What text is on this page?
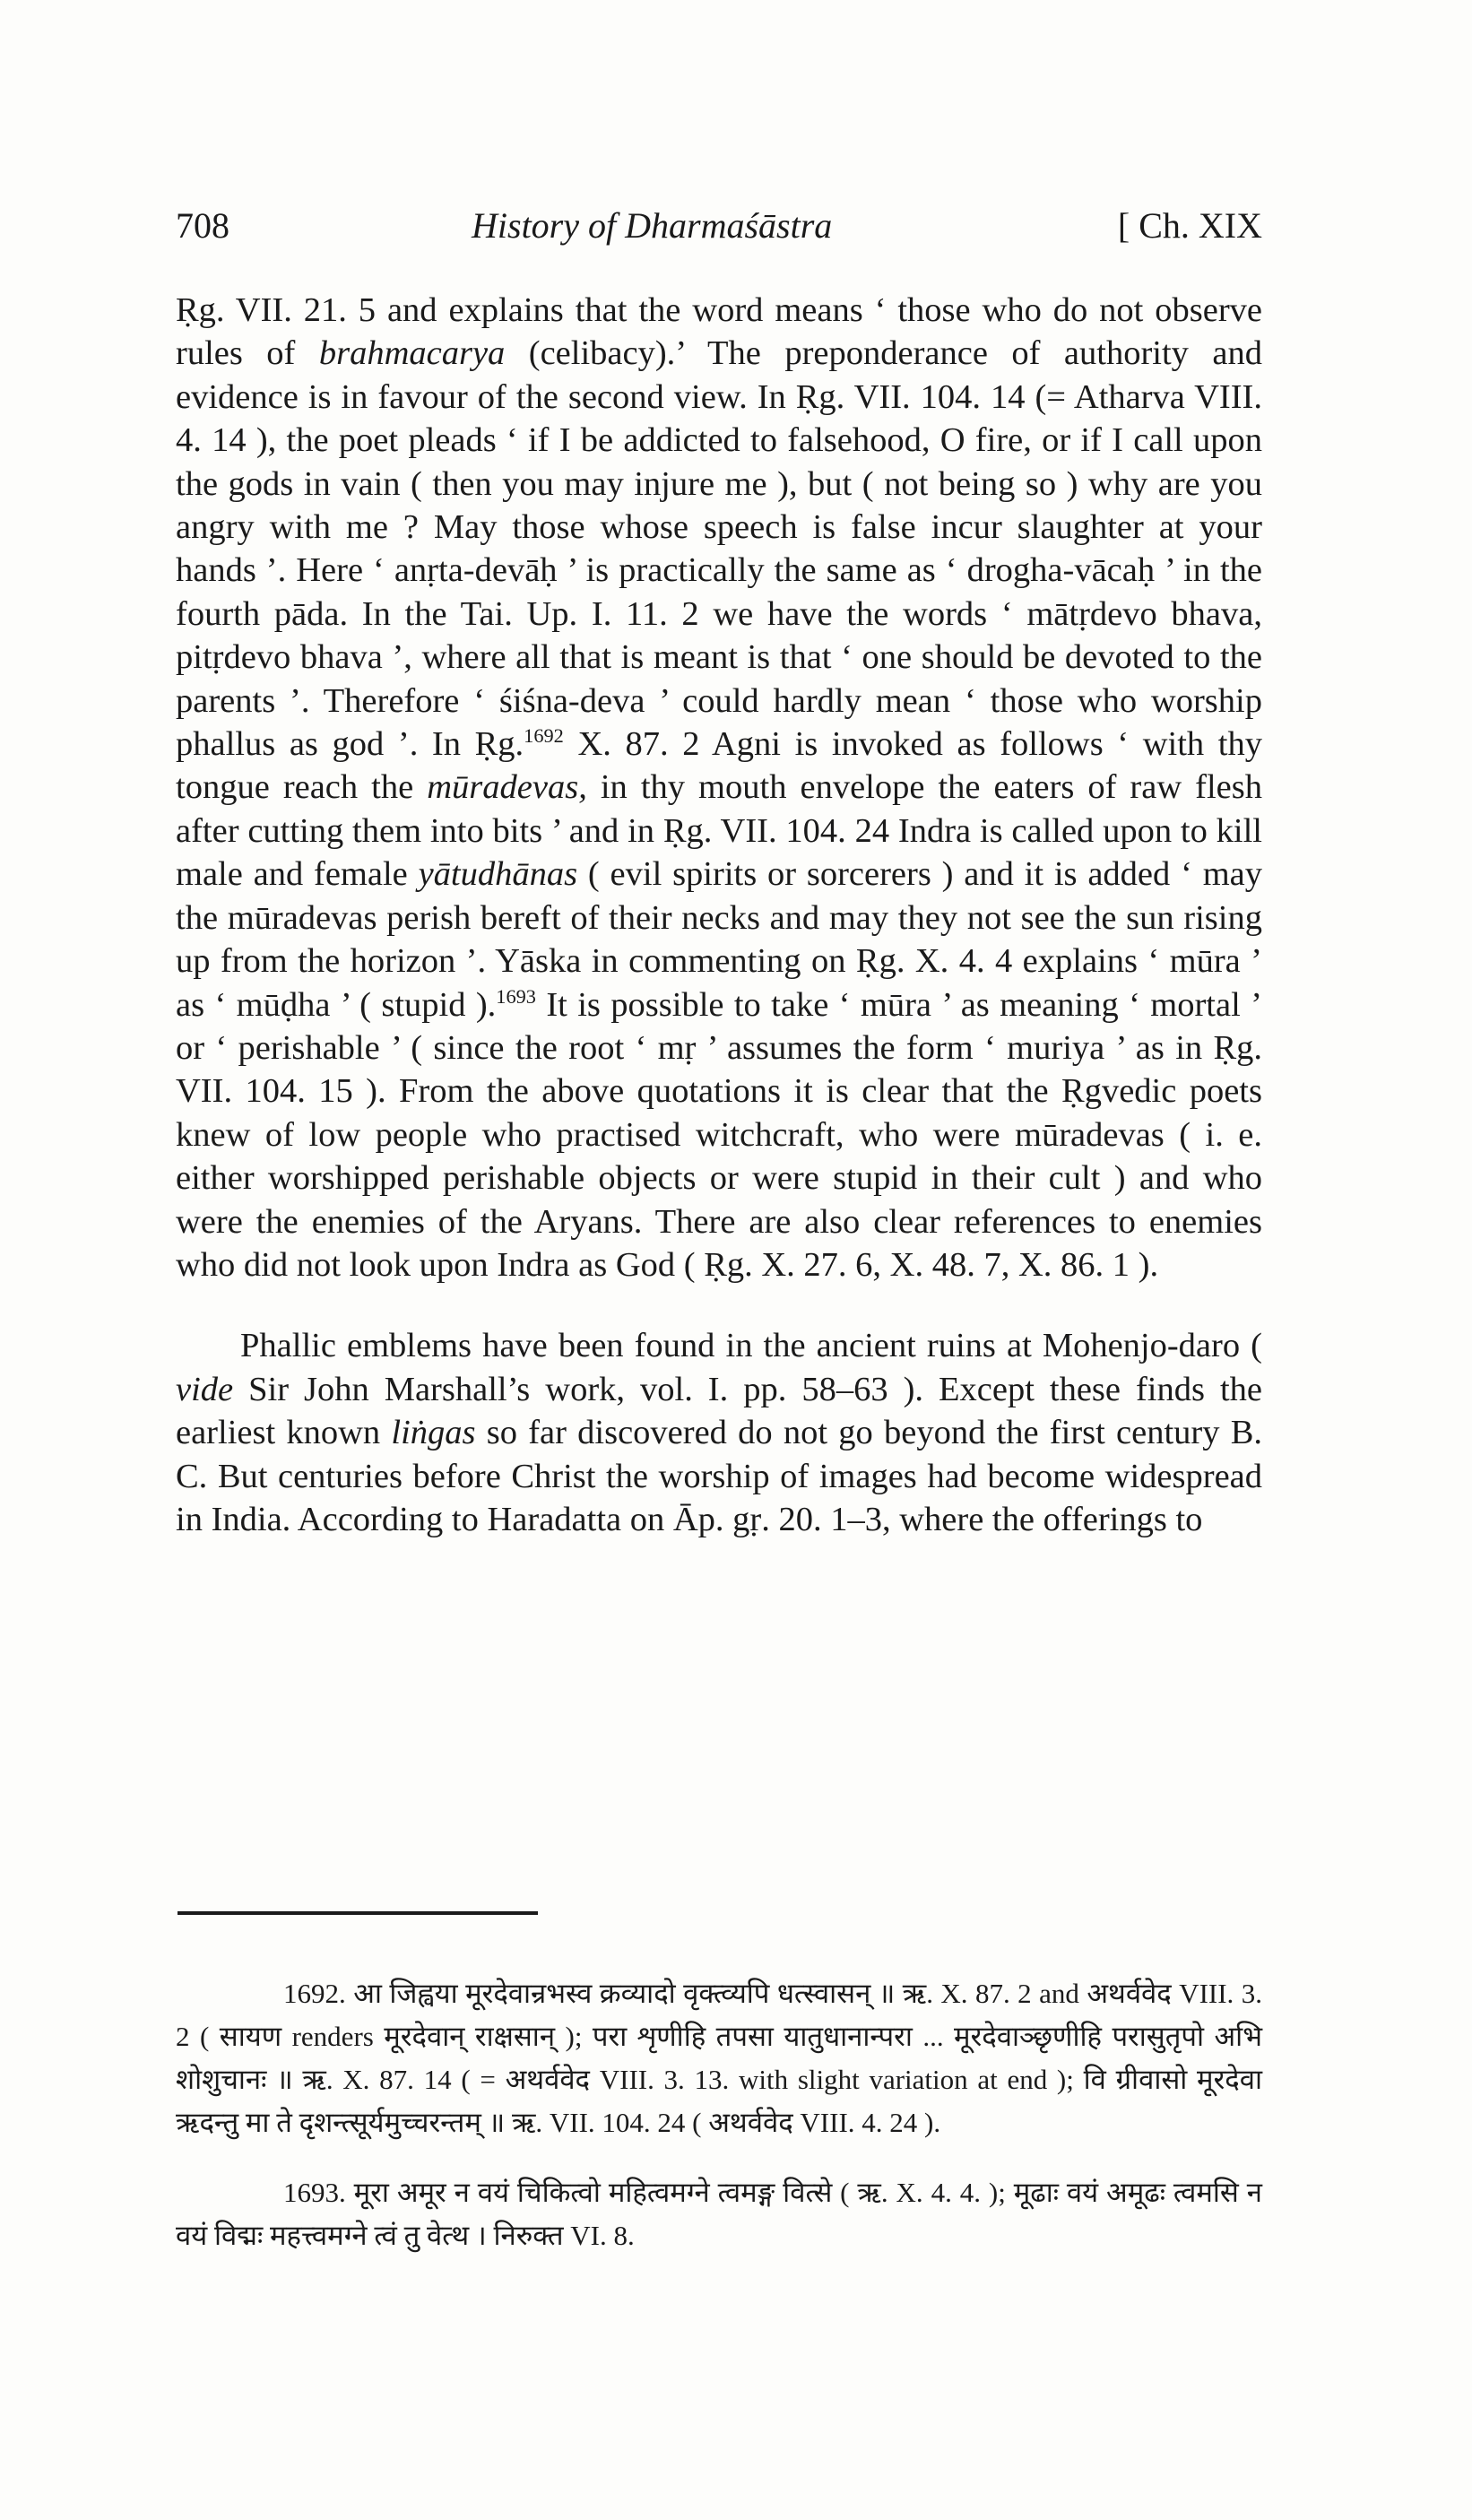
708	History of Dharmaśāstra	[ Ch. XIX

Ṛg. VII. 21. 5 and explains that the word means ‘ those who do not observe rules of brahmacarya (celibacy).’ The preponderance of authority and evidence is in favour of the second view. In Ṛg. VII. 104. 14 (= Atharva VIII. 4. 14 ), the poet pleads ‘ if I be addicted to falsehood, O fire, or if I call upon the gods in vain ( then you may injure me ), but ( not being so ) why are you angry with me ? May those whose speech is false incur slaughter at your hands ’. Here ‘ anṛta-devāḥ ’ is practically the same as ‘ drogha-vācaḥ ’ in the fourth pāda. In the Tai. Up. I. 11. 2 we have the words ‘ mātṛdevo bhava, pitṛdevo bhava ’, where all that is meant is that ‘ one should be devoted to the parents ’. Therefore ‘ śiśna-deva ’ could hardly mean ‘ those who worship phallus as god ’. In Ṛg.$^{1692}$ X. 87. 2 Agni is invoked as follows ‘ with thy tongue reach the mūradevas, in thy mouth envelope the eaters of raw flesh after cutting them into bits ’ and in Ṛg. VII. 104. 24 Indra is called upon to kill male and female yātudhānas ( evil spirits or sorcerers ) and it is added ‘ may the mūradevas perish bereft of their necks and may they not see the sun rising up from the horizon ’. Yāska in commenting on Ṛg. X. 4. 4 explains ‘ mūra ’ as ‘ mūḍha ’ ( stupid ).$^{1693}$ It is possible to take ‘ mūra ’ as meaning ‘ mortal ’ or ‘ perishable ’ ( since the root ‘ mṛ ’ assumes the form ‘ muriya ’ as in Ṛg. VII. 104. 15 ). From the above quotations it is clear that the Ṛgvedic poets knew of low people who practised witchcraft, who were mūradevas ( i. e. either worshipped perishable objects or were stupid in their cult ) and who were the enemies of the Aryans. There are also clear references to enemies who did not look upon Indra as God ( Ṛg. X. 27. 6, X. 48. 7, X. 86. 1 ).

Phallic emblems have been found in the ancient ruins at Mohenjo-daro ( vide Sir John Marshall’s work, vol. I. pp. 58–63 ). Except these finds the earliest known liṅgas so far discovered do not go beyond the first century B. C. But centuries before Christ the worship of images had become widespread in India. According to Haradatta on Āp. gṛ. 20. 1–3, where the offerings to

1692. आ जिह्वया मूरदेवान्रभस्व क्रव्यादो वृक्त्व्यपि धत्स्वासन् ॥ ऋ. X. 87. 2 and अथर्ववेद VIII. 3. 2 ( सायण renders मूरदेवान् राक्षसान् ); परा शृणीहि तपसा यातुधानान्परा ... मूरदेवाञ्छृणीहि परासुतृपो अभि शोशुचानः ॥ ऋ. X. 87. 14 ( = अथर्ववेद VIII. 3. 13. with slight variation at end ); वि ग्रीवासो मूरदेवा ऋदन्तु मा ते दृशन्त्सूर्यमुच्चरन्तम् ॥ ऋ. VII. 104. 24 ( अथर्ववेद VIII. 4. 24 ).

1693. मूरा अमूर न वयं चिकित्वो महित्वमग्ने त्वमङ्ग वित्से ( ऋ. X. 4. 4. ); मूढाः वयं अमूढः त्वमसि न वयं विद्मः महत्त्वमग्ने त्वं तु वेत्थ । निरुक्त VI. 8.
